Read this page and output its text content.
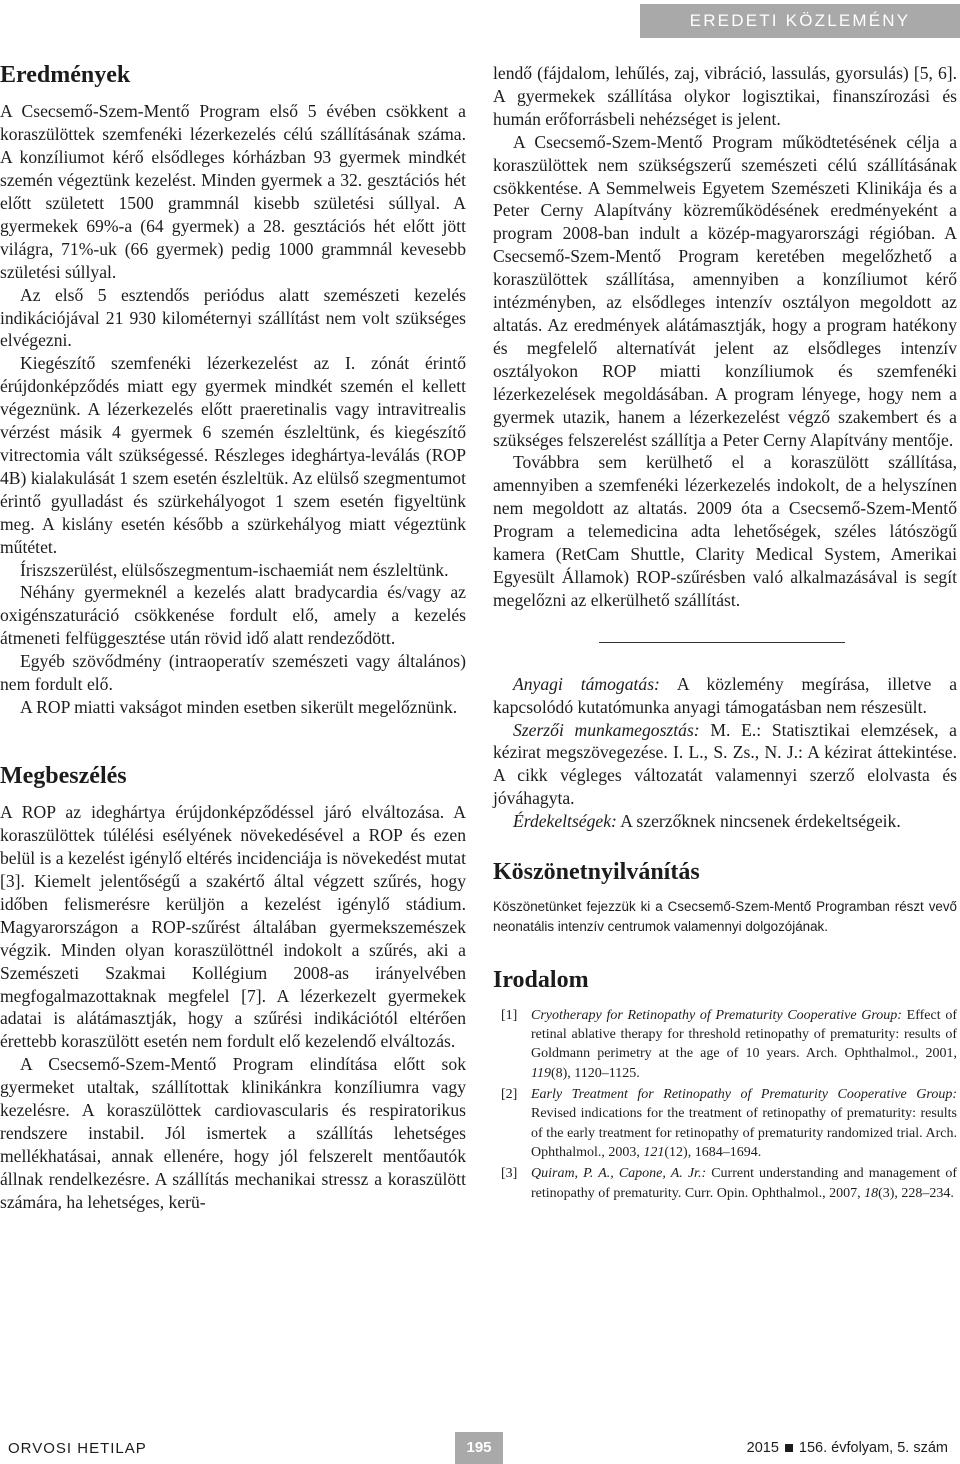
EREDETI KÖZLEMÉNY
Eredmények

A Csecsemő-Szem-Mentő Program első 5 évében csökkent a koraszülöttek szemfenéki lézerkezelés célú szállításának száma. A konzíliumot kérő elsődleges kórházban 93 gyermek mindkét szemén végeztünk kezelést. Minden gyermek a 32. gesztációs hét előtt született 1500 grammnál kisebb születési súllyal. A gyermekek 69%-a (64 gyermek) a 28. gesztációs hét előtt jött világra, 71%-uk (66 gyermek) pedig 1000 grammnál kevesebb születési súllyal.

Az első 5 esztendős periódus alatt szemészeti kezelés indikációjával 21 930 kilométernyi szállítást nem volt szükséges elvégezni.

Kiegészítő szemfenéki lézerkezelést az I. zónát érintő érújdonképződés miatt egy gyermek mindkét szemén el kellett végeznünk. A lézerkezelés előtt praeretinalis vagy intravitrealis vérzést másik 4 gyermek 6 szemén észleltünk, és kiegészítő vitrectomia vált szükségessé. Részleges ideghártya-leválás (ROP 4B) kialakulását 1 szem esetén észleltük. Az elülső szegmentumot érintő gyulladást és szürkehályogot 1 szem esetén figyeltünk meg. A kislány esetén később a szürkehályog miatt végeztünk műtétet.

Íriszszerülést, elülsőszegmentum-ischaemiát nem észleltünk.

Néhány gyermeknél a kezelés alatt bradycardia és/vagy az oxigénszaturáció csökkenése fordult elő, amely a kezelés átmeneti felfüggesztése után rövid idő alatt rendeződött.

Egyéb szövődmény (intraoperatív szemészeti vagy általános) nem fordult elő.

A ROP miatti vakságot minden esetben sikerült megelőznünk.

Megbeszélés

A ROP az ideghártya érújdonképződéssel járó elváltozása. A koraszülöttek túlélési esélyének növekedésével a ROP és ezen belül is a kezelést igénylő eltérés incidenciája is növekedést mutat [3]. Kiemelt jelentőségű a szakértő által végzett szűrés, hogy időben felismerésre kerüljön a kezelést igénylő stádium. Magyarországon a ROP-szűrést általában gyermekszemészek végzik. Minden olyan koraszülöttnél indokolt a szűrés, aki a Szemészeti Szakmai Kollégium 2008-as irányelvében megfogalmazottaknak megfelel [7]. A lézerkezelt gyermekek adatai is alátámasztják, hogy a szűrési indikációtól eltérően érettebb koraszülött esetén nem fordult elő kezelendő elváltozás.

A Csecsemő-Szem-Mentő Program elindítása előtt sok gyermeket utaltak, szállítottak klinikánkra konzíliumra vagy kezelésre. A koraszülöttek cardiovascularis és respiratorikus rendszere instabil. Jól ismertek a szállítás lehetséges mellékhatásai, annak ellenére, hogy jól felszerelt mentőautók állnak rendelkezésre. A szállítás mechanikai stressz a koraszülött számára, ha lehetséges, kerü-

lendő (fájdalom, lehűlés, zaj, vibráció, lassulás, gyorsulás) [5, 6]. A gyermekek szállítása olykor logisztikai, finanszírozási és humán erőforrásbeli nehézséget is jelent.

A Csecsemő-Szem-Mentő Program működtetésének célja a koraszülöttek nem szükségszerű szemészeti célú szállításának csökkentése. A Semmelweis Egyetem Szemészeti Klinikája és a Peter Cerny Alapítvány közreműködésének eredményeként a program 2008-ban indult a közép-magyarországi régióban. A Csecsemő-Szem-Mentő Program keretében megelőzhető a koraszülöttek szállítása, amennyiben a konzíliumot kérő intézményben, az elsődleges intenzív osztályon megoldott az altatás. Az eredmények alátámasztják, hogy a program hatékony és megfelelő alternatívát jelent az elsődleges intenzív osztályokon ROP miatti konzíliumok és szemfenéki lézerkezelések megoldásában. A program lényege, hogy nem a gyermek utazik, hanem a lézerkezelést végző szakembert és a szükséges felszerelést szállítja a Peter Cerny Alapítvány mentője.

Továbbra sem kerülhető el a koraszülött szállítása, amennyiben a szemfenéki lézerkezelés indokolt, de a helyszínen nem megoldott az altatás. 2009 óta a Csecsemő-Szem-Mentő Program a telemedicina adta lehetőségek, széles látószögű kamera (RetCam Shuttle, Clarity Medical System, Amerikai Egyesült Államok) ROP-szűrésben való alkalmazásával is segít megelőzni az elkerülhető szállítást.

Anyagi támogatás: A közlemény megírása, illetve a kapcsolódó kutatómunka anyagi támogatásban nem részesült.

Szerzői munkamegosztás: M. E.: Statisztikai elemzések, a kézirat megszövegezése. I. L., S. Zs., N. J.: A kézirat áttekintése. A cikk végleges változatát valamennyi szerző elolvasta és jóváhagyta.

Érdekeltségek: A szerzőknek nincsenek érdekeltségeik.

Köszönetnyilvánítás

Köszönetünket fejezzük ki a Csecsemő-Szem-Mentő Programban részt vevő neonatális intenzív centrumok valamennyi dolgozójának.

Irodalom
[1] Cryotherapy for Retinopathy of Prematurity Cooperative Group: Effect of retinal ablative therapy for threshold retinopathy of prematurity: results of Goldmann perimetry at the age of 10 years. Arch. Ophthalmol., 2001, 119(8), 1120–1125.
[2] Early Treatment for Retinopathy of Prematurity Cooperative Group: Revised indications for the treatment of retinopathy of prematurity: results of the early treatment for retinopathy of prematurity randomized trial. Arch. Ophthalmol., 2003, 121(12), 1684–1694.
[3] Quiram, P. A., Capone, A. Jr.: Current understanding and management of retinopathy of prematurity. Curr. Opin. Ophthalmol., 2007, 18(3), 228–234.
ORVOSI HETILAP	195	2015 156. évfolyam, 5. szám
